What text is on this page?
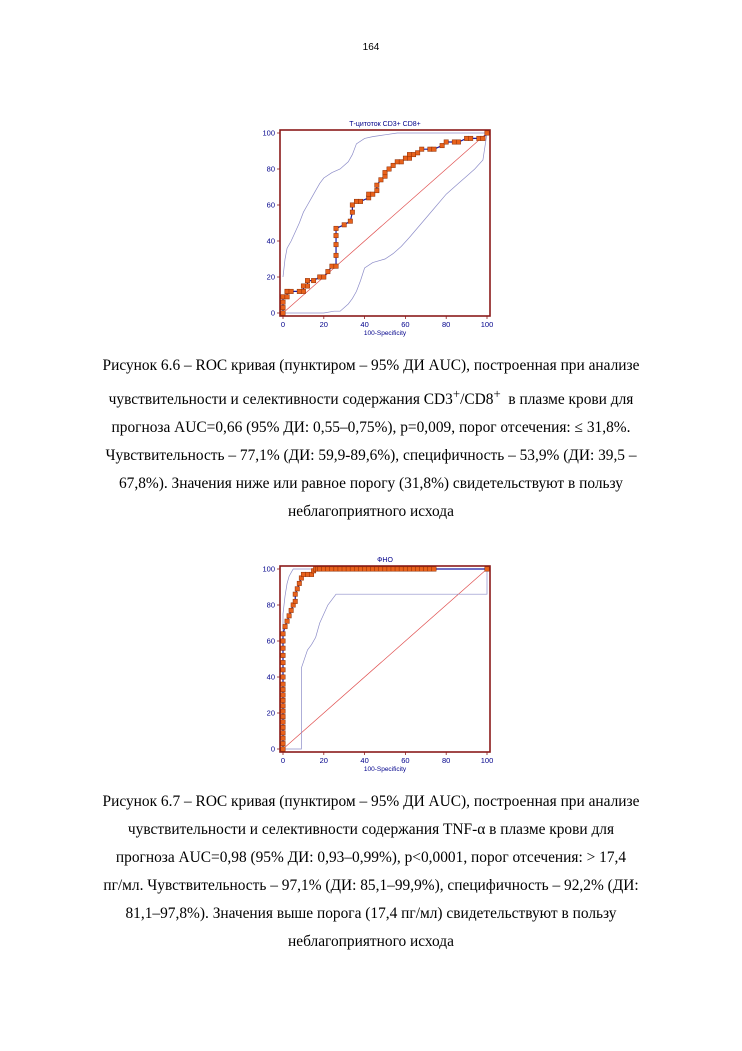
164
Т-цитоток CD3+ CD8+
0
20
40
60
80
100
0	20	40	60	80	100
100-Specificity

Рисунок 6.6 – ROC кривая (пунктиром – 95% ДИ AUC), построенная при анализе

чувствительности и селективности содержания CD3+/CD8+  в плазме крови для

прогноза AUC=0,66 (95% ДИ: 0,55–0,75%), p=0,009, порог отсечения: ≤ 31,8%.

Чувствительность – 77,1% (ДИ: 59,9-89,6%), специфичность – 53,9% (ДИ: 39,5 –

67,8%). Значения ниже или равное порогу (31,8%) свидетельствуют в пользу

неблагоприятного исхода

ФНО
0
20
40
60
80
100
0	20	40	60	80	100
100-Specificity

Рисунок 6.7 – ROC кривая (пунктиром – 95% ДИ AUC), построенная при анализе

чувствительности и селективности содержания TNF-α в плазме крови для

прогноза AUC=0,98 (95% ДИ: 0,93–0,99%), p<0,0001, порог отсечения: > 17,4

пг/мл. Чувствительность – 97,1% (ДИ: 85,1–99,9%), специфичность – 92,2% (ДИ:

81,1–97,8%). Значения выше порога (17,4 пг/мл) свидетельствуют в пользу

неблагоприятного исхода
